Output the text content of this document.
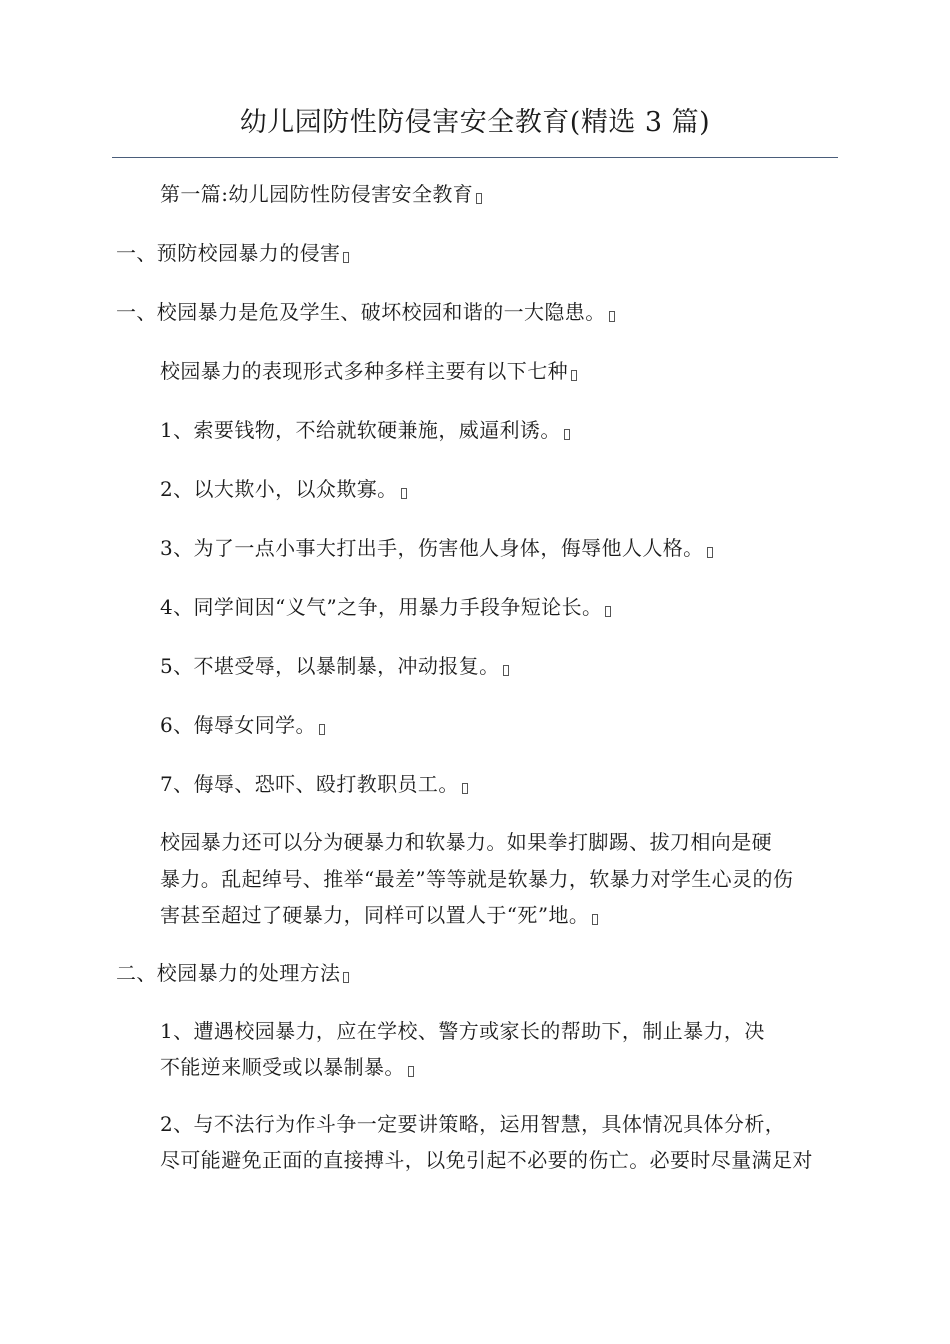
幼儿园防性防侵害安全教育(精选 3 篇)

第一篇:幼儿园防性防侵害安全教育

一、预防校园暴力的侵害

一、校园暴力是危及学生、破坏校园和谐的一大隐患。

校园暴力的表现形式多种多样主要有以下七种

1、索要钱物，不给就软硬兼施，威逼利诱。

2、以大欺小，以众欺寡。

3、为了一点小事大打出手，伤害他人身体，侮辱他人人格。

4、同学间因“义气”之争，用暴力手段争短论长。

5、不堪受辱，以暴制暴，冲动报复。

6、侮辱女同学。

7、侮辱、恐吓、殴打教职员工。

校园暴力还可以分为硬暴力和软暴力。如果拳打脚踢、拔刀相向是硬
暴力。乱起绰号、推举“最差”等等就是软暴力，软暴力对学生心灵的伤
害甚至超过了硬暴力，同样可以置人于“死”地。

二、校园暴力的处理方法

1、遭遇校园暴力，应在学校、警方或家长的帮助下，制止暴力，决
不能逆来顺受或以暴制暴。

2、与不法行为作斗争一定要讲策略，运用智慧，具体情况具体分析，
尽可能避免正面的直接搏斗，以免引起不必要的伤亡。必要时尽量满足对
